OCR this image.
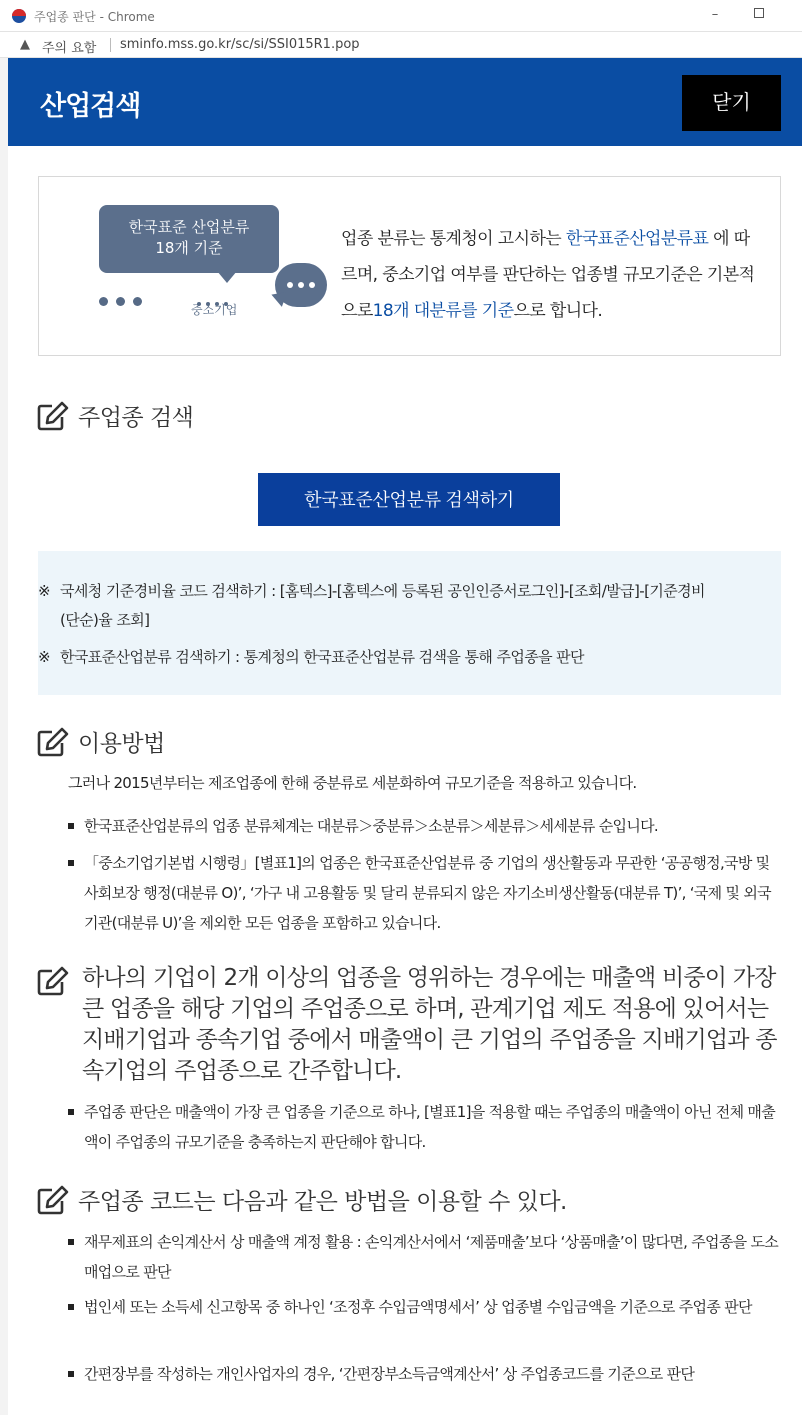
주업종 판단 - Chrome	–
▲ 주의 요함 sminfo.mss.go.kr/sc/si/SSI015R1.pop
산업검색	닫기
한국표준 산업분류
18개 기준
중소기업
업종 분류는 통계청이 고시하는 한국표준산업분류표 에 따르며, 중소기업 여부를 판단하는 업종별 규모기준은 기본적으로18개 대분류를 기준으로 합니다.
주업종 검색
한국표준산업분류 검색하기
※ 국세청 기준경비율 코드 검색하기 : [홈텍스]-[홈텍스에 등록된 공인인증서로그인]-[조회/발급]-[기준경비(단순)율 조회]
※ 한국표준산업분류 검색하기 : 통계청의 한국표준산업분류 검색을 통해 주업종을 판단
이용방법
그러나 2015년부터는 제조업종에 한해 중분류로 세분화하여 규모기준을 적용하고 있습니다.
한국표준산업분류의 업종 분류체계는 대분류＞중분류＞소분류＞세분류＞세세분류 순입니다.
「중소기업기본법 시행령」[별표1]의 업종은 한국표준산업분류 중 기업의 생산활동과 무관한 ‘공공행정,국방 및 사회보장 행정(대분류 O)’, ‘가구 내 고용활동 및 달리 분류되지 않은 자기소비생산활동(대분류 T)’, ‘국제 및 외국기관(대분류 U)’을 제외한 모든 업종을 포함하고 있습니다.
하나의 기업이 2개 이상의 업종을 영위하는 경우에는 매출액 비중이 가장 큰 업종을 해당 기업의 주업종으로 하며, 관계기업 제도 적용에 있어서는 지배기업과 종속기업 중에서 매출액이 큰 기업의 주업종을 지배기업과 종속기업의 주업종으로 간주합니다.
주업종 판단은 매출액이 가장 큰 업종을 기준으로 하나, [별표1]을 적용할 때는 주업종의 매출액이 아닌 전체 매출액이 주업종의 규모기준을 충족하는지 판단해야 합니다.
주업종 코드는 다음과 같은 방법을 이용할 수 있다.
재무제표의 손익계산서 상 매출액 계정 활용 : 손익계산서에서 ‘제품매출’보다 ‘상품매출’이 많다면, 주업종을 도소매업으로 판단
법인세 또는 소득세 신고항목 중 하나인 ‘조정후 수입금액명세서’ 상 업종별 수입금액을 기준으로 주업종 판단
간편장부를 작성하는 개인사업자의 경우, ‘간편장부소득금액계산서’ 상 주업종코드를 기준으로 판단
